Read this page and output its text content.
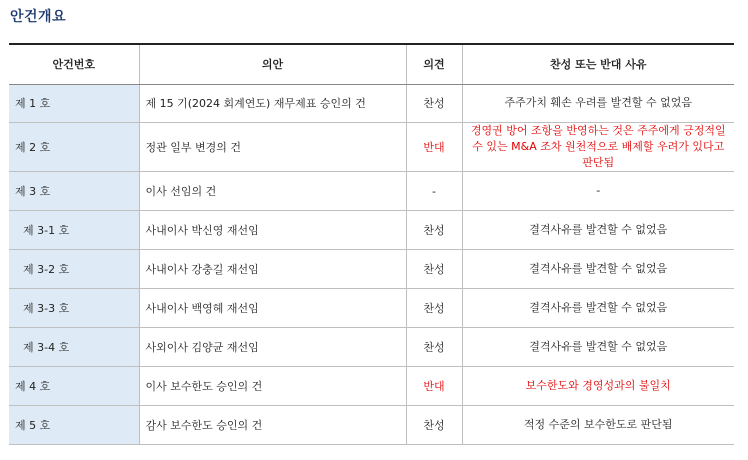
안건개요
안건번호	의안	의견	찬성 또는 반대 사유
제 1 호	제 15 기(2024 회계연도) 재무제표 승인의 건	찬성	주주가치 훼손 우려를 발견할 수 없었음
제 2 호	정관 일부 변경의 건	반대	경영권 방어 조항을 반영하는 것은 주주에게 긍정적일 수 있는 M&A 조차 원천적으로 배제할 우려가 있다고 판단됨
제 3 호	이사 선임의 건	-	-
제 3-1 호	사내이사 박신영 재선임	찬성	결격사유를 발견할 수 없었음
제 3-2 호	사내이사 강충길 재선임	찬성	결격사유를 발견할 수 없었음
제 3-3 호	사내이사 백영헤 재선임	찬성	결격사유를 발견할 수 없었음
제 3-4 호	사외이사 김양균 재선임	찬성	결격사유를 발견할 수 없었음
제 4 호	이사 보수한도 승인의 건	반대	보수한도와 경영성과의 불일치
제 5 호	감사 보수한도 승인의 건	찬성	적정 수준의 보수한도로 판단됨
